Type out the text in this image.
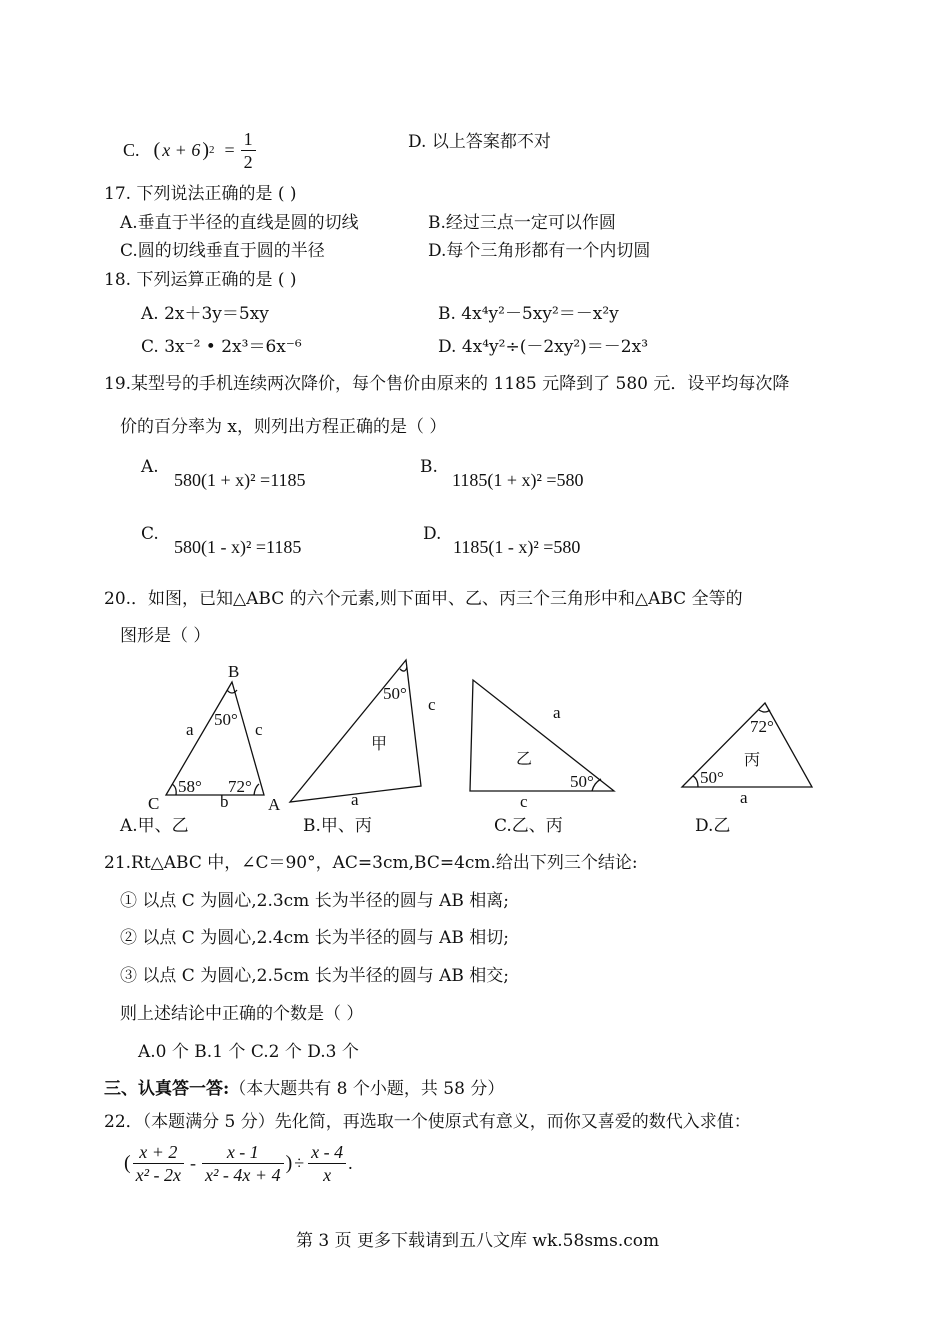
C. ( x + 6 ) $2 = \frac{1}{2}$	D. 以上答案都不对
17. 下列说法正确的是 ( )
A.垂直于半径的直线是圆的切线	B.经过三点一定可以作圆
C.圆的切线垂直于圆的半径	D.每个三角形都有一个内切圆
18. 下列运算正确的是 ( )
A. 2x＋3y＝5xy	B. 4x⁴y²－5xy²＝－x²y
C. 3x⁻² • 2x³＝6x⁻⁶	D. 4x⁴y²÷(－2xy²)＝－2x³
19.某型号的手机连续两次降价，每个售价由原来的 1185 元降到了 580 元．设平均每次降
价的百分率为 x，则列出方程正确的是（ ）
A.
580(1 + x)² =1185
B.
1185(1 + x)² =580
C.
580(1 - x)² =1185
D.
1185(1 - x)² =580
20.．如图，已知△ABC 的六个元素,则下面甲、乙、丙三个三角形中和△ABC 全等的
图形是（ ）
B
C
a	c
b
50°
58° 72°
A
50°
c
甲
a
a
乙
50°
c
72°
丙
50°
a
A.甲、乙	B.甲、丙	C.乙、丙	D.乙
21.Rt△ABC 中，∠C＝90°，AC=3cm,BC=4cm.给出下列三个结论:
① 以点 C 为圆心,2.3cm 长为半径的圆与 AB 相离;
② 以点 C 为圆心,2.4cm 长为半径的圆与 AB 相切;
③ 以点 C 为圆心,2.5cm 长为半径的圆与 AB 相交;
则上述结论中正确的个数是（ ）
A.0 个 B.1 个 C.2 个 D.3 个
三、认真答一答:（本大题共有 8 个小题，共 58 分）
22．（本题满分 5 分）先化简，再选取一个使原式有意义，而你又喜爱的数代入求值：
( $\frac{x + 2}{\text{x² - 2x}} - \frac{x - 1}{\text{x² - 4x + 4}}$ ) ÷ $\frac{x - 4}{x}$ .
第 3 页 更多下载请到五八文库 wk.58sms.com
